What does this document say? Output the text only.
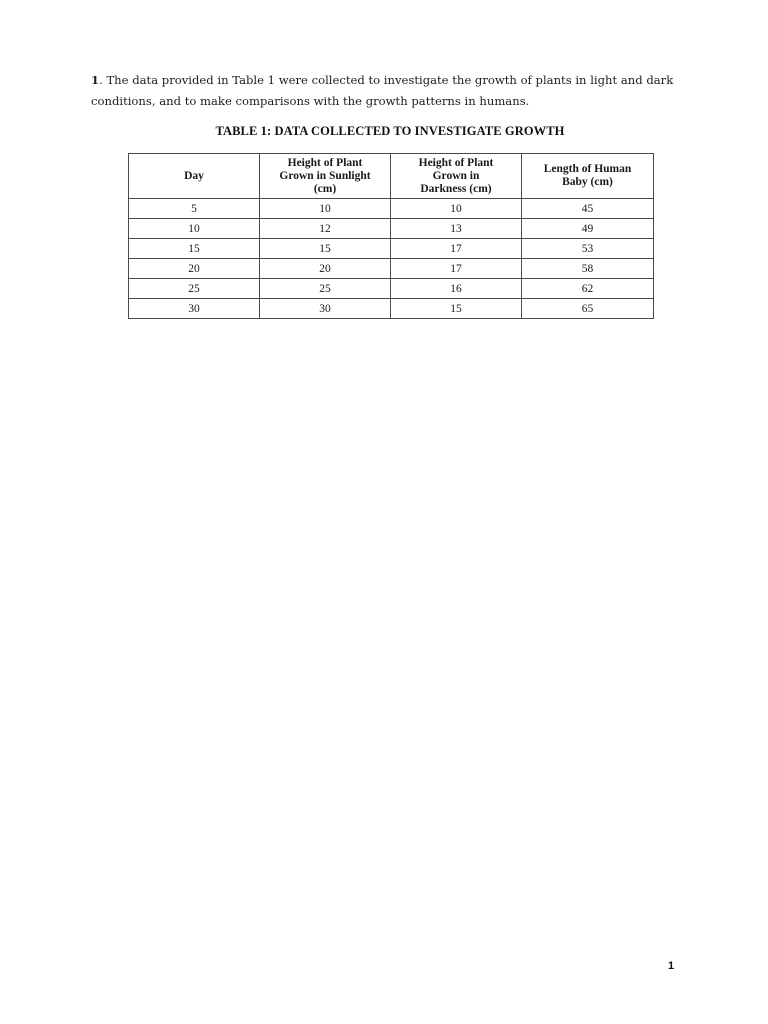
1. The data provided in Table 1 were collected to investigate the growth of plants in light and dark conditions, and to make comparisons with the growth patterns in humans.

TABLE 1: DATA COLLECTED TO INVESTIGATE GROWTH
Day	Height of Plant Grown in Sunlight (cm)	Height of Plant Grown in Darkness (cm)	Length of Human Baby (cm)

5	10	10	45
10	12	13	49
15	15	17	53
20	20	17	58
25	25	16	62
30	30	15	65
1
